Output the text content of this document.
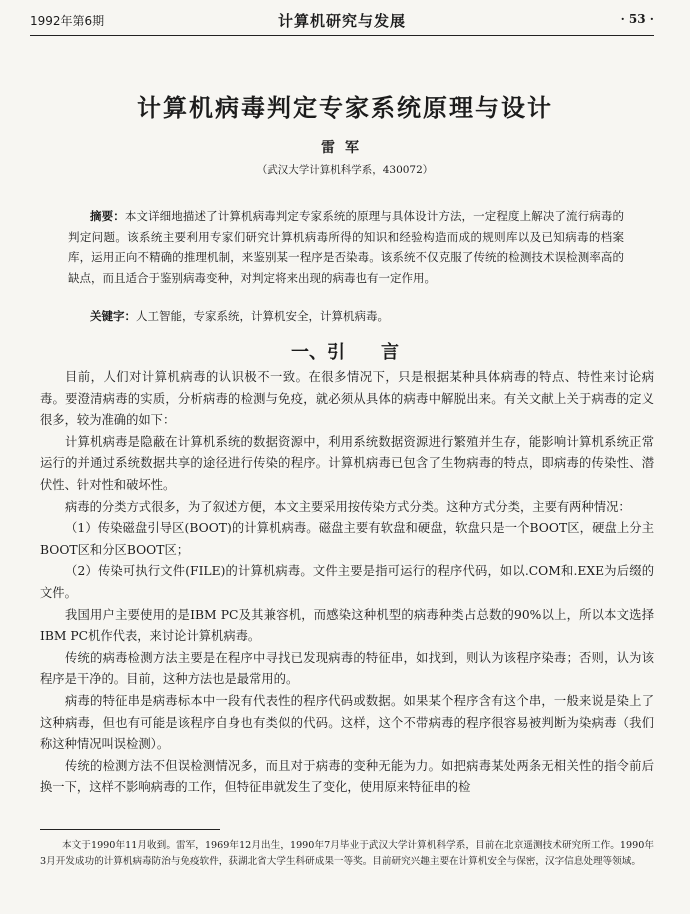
1992年第6期	计算机研究与发展	· 53 ·
计算机病毒判定专家系统原理与设计
雷军
（武汉大学计算机科学系，430072）
摘要：本文详细地描述了计算机病毒判定专家系统的原理与具体设计方法，一定程度上解决了流行病毒的判定问题。该系统主要利用专家们研究计算机病毒所得的知识和经验构造而成的规则库以及已知病毒的档案库，运用正向不精确的推理机制，来鉴别某一程序是否染毒。该系统不仅克服了传统的检测技术误检测率高的缺点，而且适合于鉴别病毒变种，对判定将来出现的病毒也有一定作用。
关键字：人工智能，专家系统，计算机安全，计算机病毒。
一、引　　言

目前，人们对计算机病毒的认识极不一致。在很多情况下，只是根据某种具体病毒的特点、特性来讨论病毒。要澄清病毒的实质，分析病毒的检测与免疫，就必须从具体的病毒中解脱出来。有关文献上关于病毒的定义很多，较为准确的如下：

计算机病毒是隐蔽在计算机系统的数据资源中，利用系统数据资源进行繁殖并生存，能影响计算机系统正常运行的并通过系统数据共享的途径进行传染的程序。计算机病毒已包含了生物病毒的特点，即病毒的传染性、潜伏性、针对性和破坏性。

病毒的分类方式很多，为了叙述方便，本文主要采用按传染方式分类。这种方式分类，主要有两种情况：

（1）传染磁盘引导区(BOOT)的计算机病毒。磁盘主要有软盘和硬盘，软盘只是一个BOOT区，硬盘上分主BOOT区和分区BOOT区；

（2）传染可执行文件(FILE)的计算机病毒。文件主要是指可运行的程序代码，如以.COM和.EXE为后缀的文件。

我国用户主要使用的是IBM PC及其兼容机，而感染这种机型的病毒种类占总数的90%以上，所以本文选择IBM PC机作代表，来讨论计算机病毒。

传统的病毒检测方法主要是在程序中寻找已发现病毒的特征串，如找到，则认为该程序染毒；否则，认为该程序是干净的。目前，这种方法也是最常用的。

病毒的特征串是病毒标本中一段有代表性的程序代码或数据。如果某个程序含有这个串，一般来说是染上了这种病毒，但也有可能是该程序自身也有类似的代码。这样，这个不带病毒的程序很容易被判断为染病毒（我们称这种情况叫误检测）。

传统的检测方法不但误检测情况多，而且对于病毒的变种无能为力。如把病毒某处两条无相关性的指令前后换一下，这样不影响病毒的工作，但特征串就发生了变化，使用原来特征串的检

本文于1990年11月收到。雷军，1969年12月出生，1990年7月毕业于武汉大学计算机科学系，目前在北京遥测技术研究所工作。1990年3月开发成功的计算机病毒防治与免疫软件，获湖北省大学生科研成果一等奖。目前研究兴趣主要在计算机安全与保密，汉字信息处理等领域。
